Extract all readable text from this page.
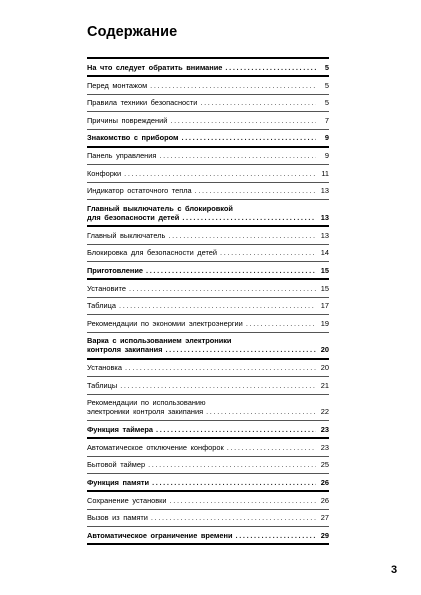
Содержание
На что следует обратить внимание . . .	5
Перед монтажом . . .	5
Правила техники безопасности . . .	5
Причины повреждений . . .	7
Знакомство с прибором . . .	9
Панель управления . . .	9
Конфорки . . .	11
Индикатор остаточного тепла . . .	13
Главный выключатель с блокировкой
для безопасности детей . . .	13
Главный выключатель . . .	13
Блокировка для безопасности детей . . .	14
Приготовление . . .	15
Установите . . .	15
Таблица . . .	17
Рекомендации по экономии электроэнергии . . .	19
Варка с использованием электроники
контроля закипания . . .	20
Установка . . .	20
Таблицы . . .	21
Рекомендации по использованию
электроники контроля закипания . . .	22
Функция таймера . . .	23
Автоматическое отключение конфорок . . .	23
Бытовой таймер . . .	25
Функция памяти . . .	26
Сохранение установки . . .	26
Вызов из памяти . . .	27
Автоматическое ограничение времени . . .	29
3
